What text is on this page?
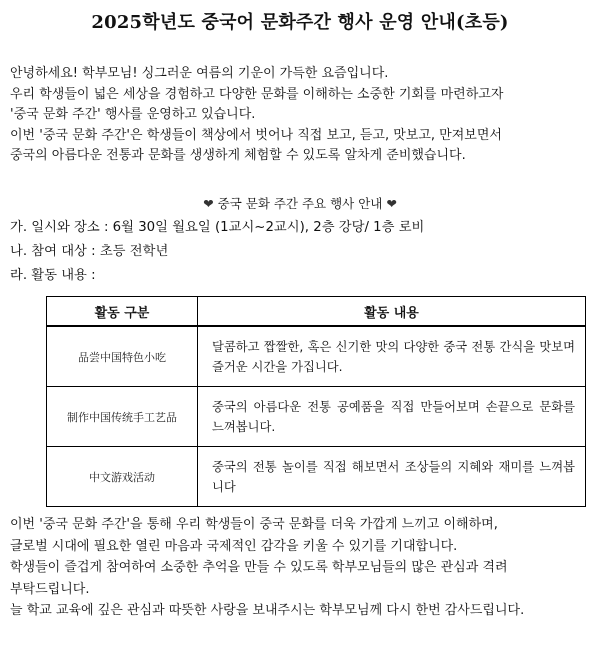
2025학년도 중국어 문화주간 행사 운영 안내(초등)

안녕하세요! 학부모님! 싱그러운 여름의 기운이 가득한 요즘입니다.

우리 학생들이 넓은 세상을 경험하고 다양한 문화를 이해하는 소중한 기회를 마련하고자

'중국 문화 주간' 행사를 운영하고 있습니다.

이번 '중국 문화 주간'은 학생들이 책상에서 벗어나 직접 보고, 듣고, 맛보고, 만져보면서

중국의 아름다운 전통과 문화를 생생하게 체험할 수 있도록 알차게 준비했습니다.

❤ 중국 문화 주간 주요 행사 안내 ❤

가. 일시와 장소 : 6월 30일 월요일 (1교시~2교시), 2층 강당/ 1층 로비

나. 참여 대상 : 초등 전학년

라. 활동 내용 :

활동 구분	활동 내용
品尝中国特色小吃	달콤하고 짭짤한, 혹은 신기한 맛의 다양한 중국 전통 간식을 맛보며 즐거운 시간을 가집니다.
制作中国传统手工艺品	중국의 아름다운 전통 공예품을 직접 만들어보며 손끝으로 문화를 느껴봅니다.
中文游戏活动	중국의 전통 놀이를 직접 해보면서 조상들의 지혜와 재미를 느껴봅니다

이번 '중국 문화 주간'을 통해 우리 학생들이 중국 문화를 더욱 가깝게 느끼고 이해하며,

글로벌 시대에 필요한 열린 마음과 국제적인 감각을 키울 수 있기를 기대합니다.

학생들이 즐겁게 참여하여 소중한 추억을 만들 수 있도록 학부모님들의 많은 관심과 격려

부탁드립니다.

늘 학교 교육에 깊은 관심과 따뜻한 사랑을 보내주시는 학부모님께 다시 한번 감사드립니다.
